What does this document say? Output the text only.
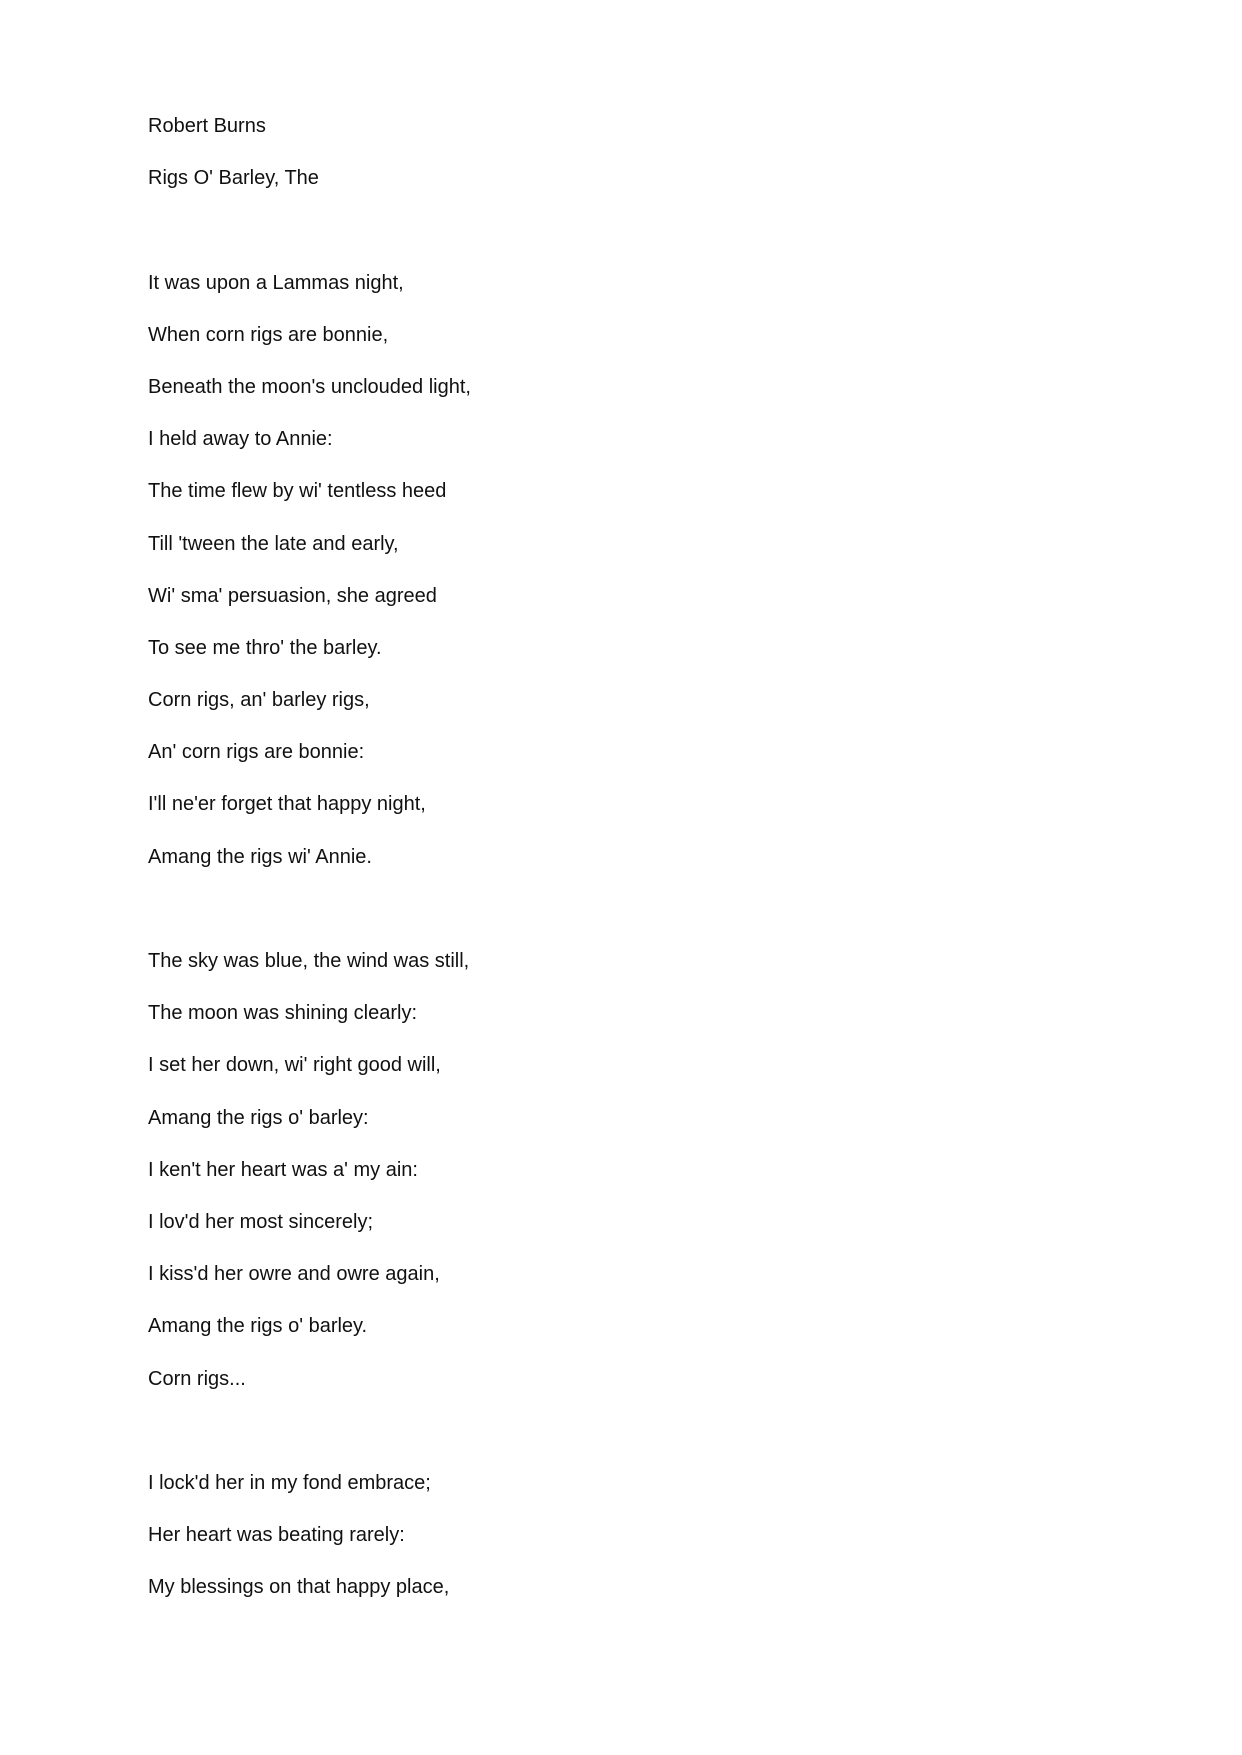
Robert Burns
Rigs O' Barley, The
It was upon a Lammas night,
When corn rigs are bonnie,
Beneath the moon's unclouded light,
I held away to Annie:
The time flew by wi' tentless heed
Till 'tween the late and early,
Wi' sma' persuasion, she agreed
To see me thro' the barley.
Corn rigs, an' barley rigs,
An' corn rigs are bonnie:
I'll ne'er forget that happy night,
Amang the rigs wi' Annie.
The sky was blue, the wind was still,
The moon was shining clearly:
I set her down, wi' right good will,
Amang the rigs o' barley:
I ken't her heart was a' my ain:
I lov'd her most sincerely;
I kiss'd her owre and owre again,
Amang the rigs o' barley.
Corn rigs...
I lock'd her in my fond embrace;
Her heart was beating rarely:
My blessings on that happy place,
